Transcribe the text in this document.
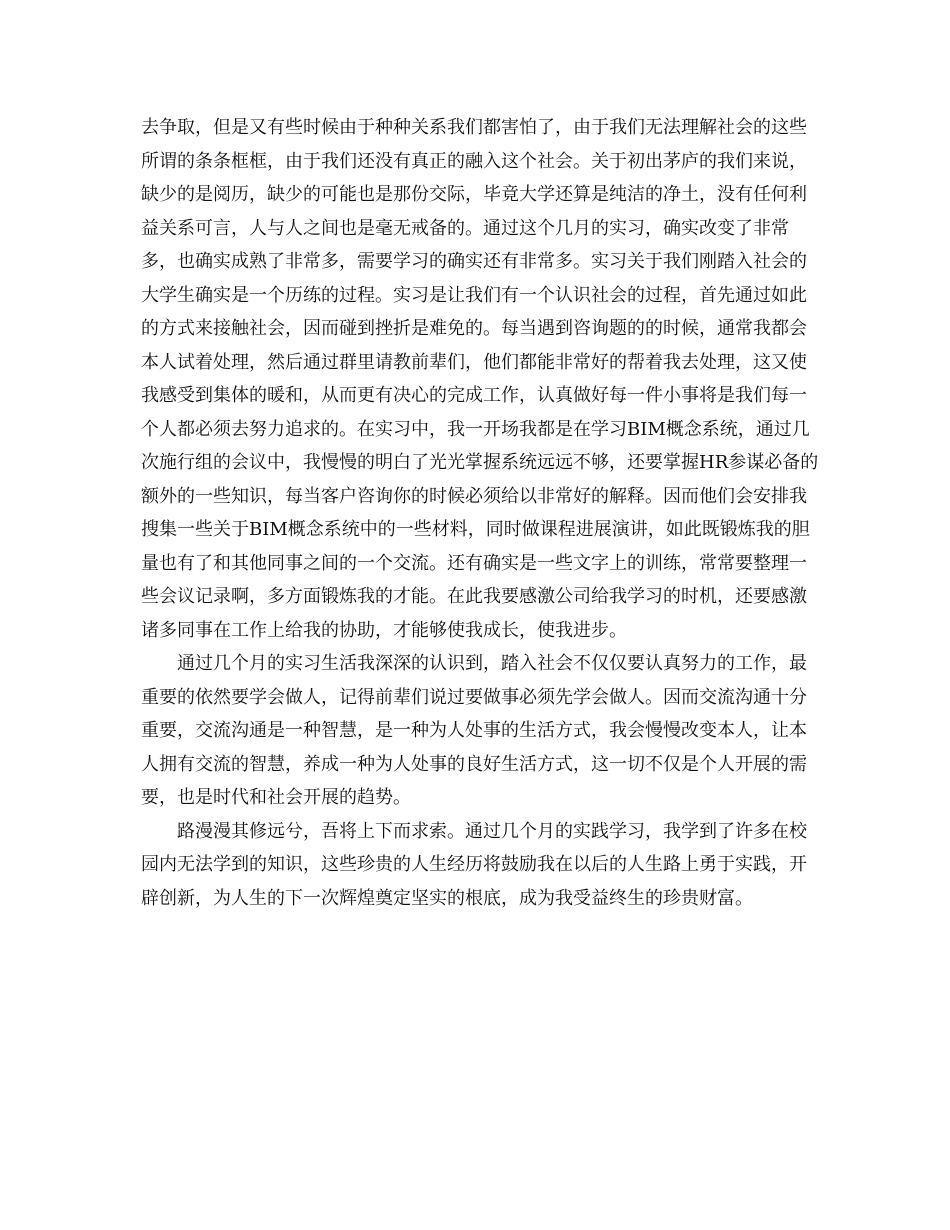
去争取，但是又有些时候由于种种关系我们都害怕了，由于我们无法理解社会的这些所谓的条条框框，由于我们还没有真正的融入这个社会。关于初出茅庐的我们来说，缺少的是阅历，缺少的可能也是那份交际，毕竟大学还算是纯洁的净土，没有任何利益关系可言，人与人之间也是毫无戒备的。通过这个几月的实习，确实改变了非常多，也确实成熟了非常多，需要学习的确实还有非常多。实习关于我们刚踏入社会的大学生确实是一个历练的过程。实习是让我们有一个认识社会的过程，首先通过如此的方式来接触社会，因而碰到挫折是难免的。每当遇到咨询题的的时候，通常我都会本人试着处理，然后通过群里请教前辈们，他们都能非常好的帮着我去处理，这又使我感受到集体的暖和，从而更有决心的完成工作，认真做好每一件小事将是我们每一个人都必须去努力追求的。在实习中，我一开场我都是在学习BIM概念系统，通过几次施行组的会议中，我慢慢的明白了光光掌握系统远远不够，还要掌握HR参谋必备的额外的一些知识，每当客户咨询你的时候必须给以非常好的解释。因而他们会安排我搜集一些关于BIM概念系统中的一些材料，同时做课程进展演讲，如此既锻炼我的胆量也有了和其他同事之间的一个交流。还有确实是一些文字上的训练，常常要整理一些会议记录啊，多方面锻炼我的才能。在此我要感激公司给我学习的时机，还要感激诸多同事在工作上给我的协助，才能够使我成长，使我进步。

通过几个月的实习生活我深深的认识到，踏入社会不仅仅要认真努力的工作，最重要的依然要学会做人，记得前辈们说过要做事必须先学会做人。因而交流沟通十分重要，交流沟通是一种智慧，是一种为人处事的生活方式，我会慢慢改变本人，让本人拥有交流的智慧，养成一种为人处事的良好生活方式，这一切不仅是个人开展的需要，也是时代和社会开展的趋势。

路漫漫其修远兮，吾将上下而求索。通过几个月的实践学习，我学到了许多在校园内无法学到的知识，这些珍贵的人生经历将鼓励我在以后的人生路上勇于实践，开辟创新，为人生的下一次辉煌奠定坚实的根底，成为我受益终生的珍贵财富。
